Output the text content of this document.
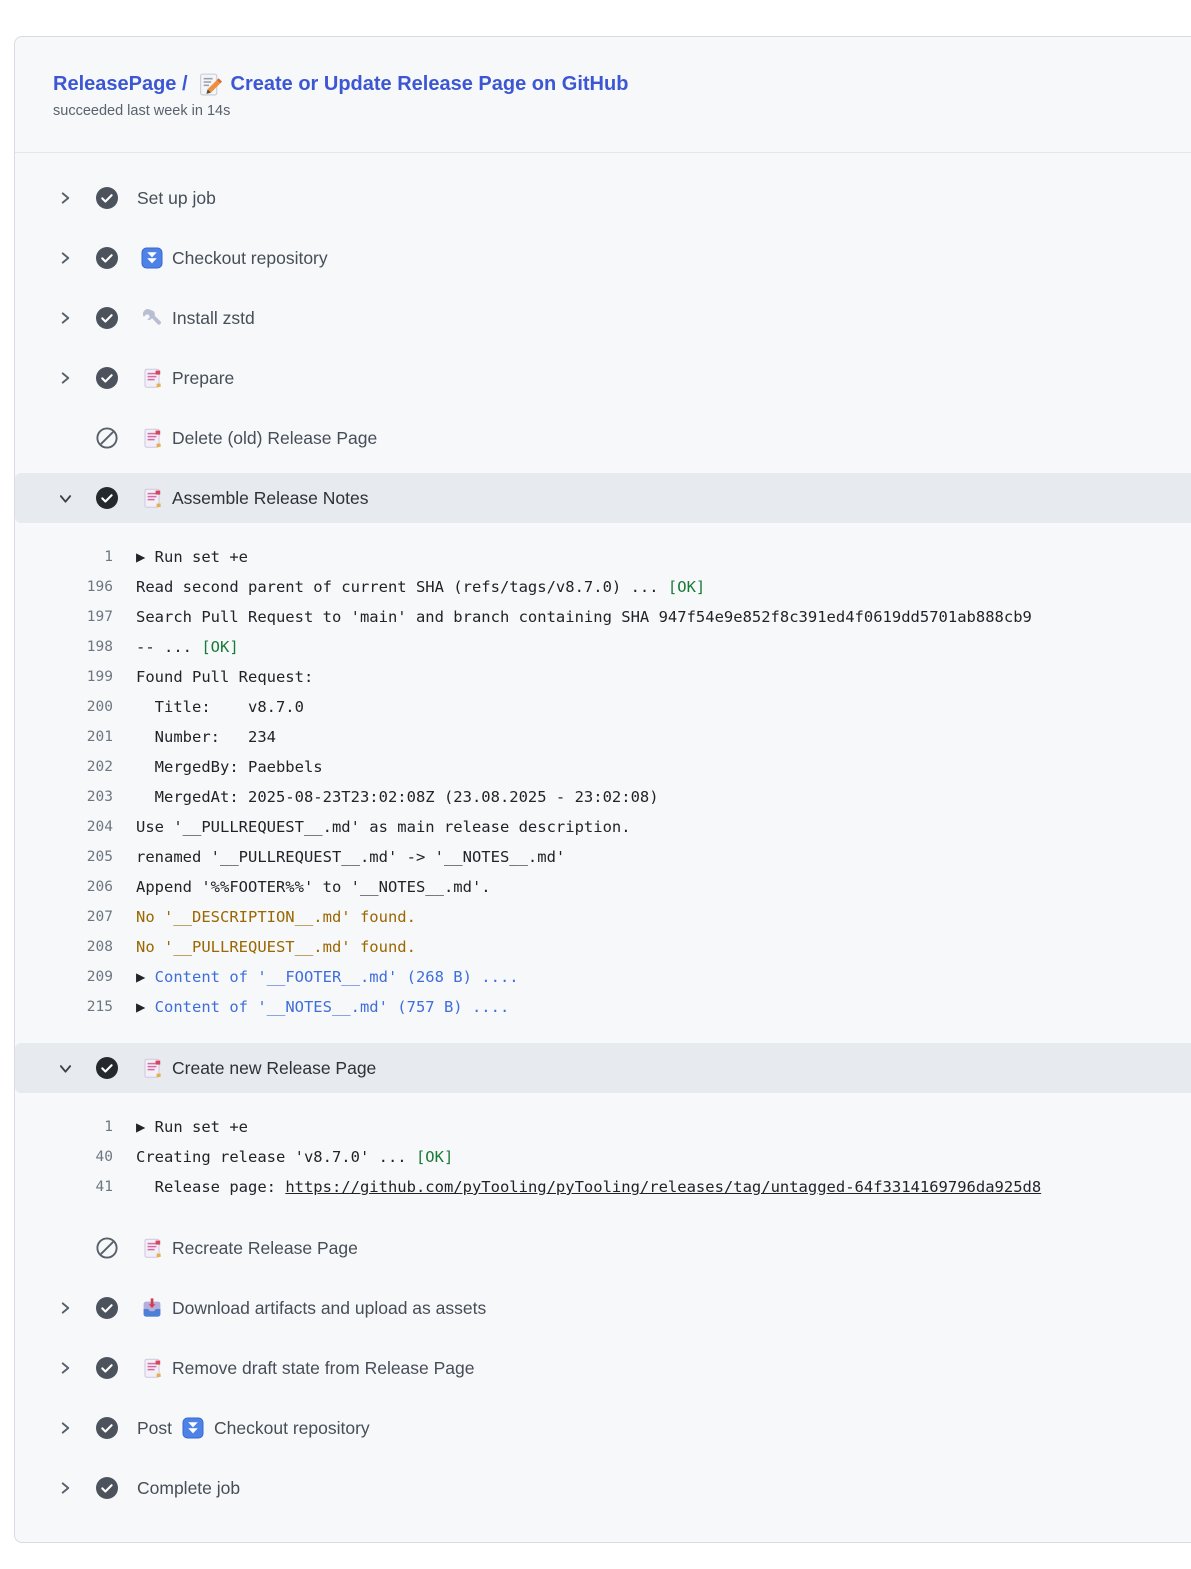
ReleasePage / Create or Update Release Page on GitHub
succeeded last week in 14s
Set up job
Checkout repository
Install zstd
Prepare
Delete (old) Release Page
Assemble Release Notes
1 ▶ Run set +e
196 Read second parent of current SHA (refs/tags/v8.7.0) ... [OK]
197 Search Pull Request to 'main' and branch containing SHA 947f54e9e852f8c391ed4f0619dd5701ab888cb9
198 -- ... [OK]
199 Found Pull Request:
200 Title:    v8.7.0
201 Number:   234
202 MergedBy: Paebbels
203 MergedAt: 2025-08-23T23:02:08Z (23.08.2025 - 23:02:08)
204 Use '__PULLREQUEST__.md' as main release description.
205 renamed '__PULLREQUEST__.md' -> '__NOTES__.md'
206 Append '%%FOOTER%%' to '__NOTES__.md'.
207 No '__DESCRIPTION__.md' found.
208 No '__PULLREQUEST__.md' found.
209 ▶ Content of '__FOOTER__.md' (268 B) ....
215 ▶ Content of '__NOTES__.md' (757 B) ....
Create new Release Page
1 ▶ Run set +e
40 Creating release 'v8.7.0' ... [OK]
41 Release page: https://github.com/pyTooling/pyTooling/releases/tag/untagged-64f3314169796da925d8
Recreate Release Page
Download artifacts and upload as assets
Remove draft state from Release Page
Post Checkout repository
Complete job
